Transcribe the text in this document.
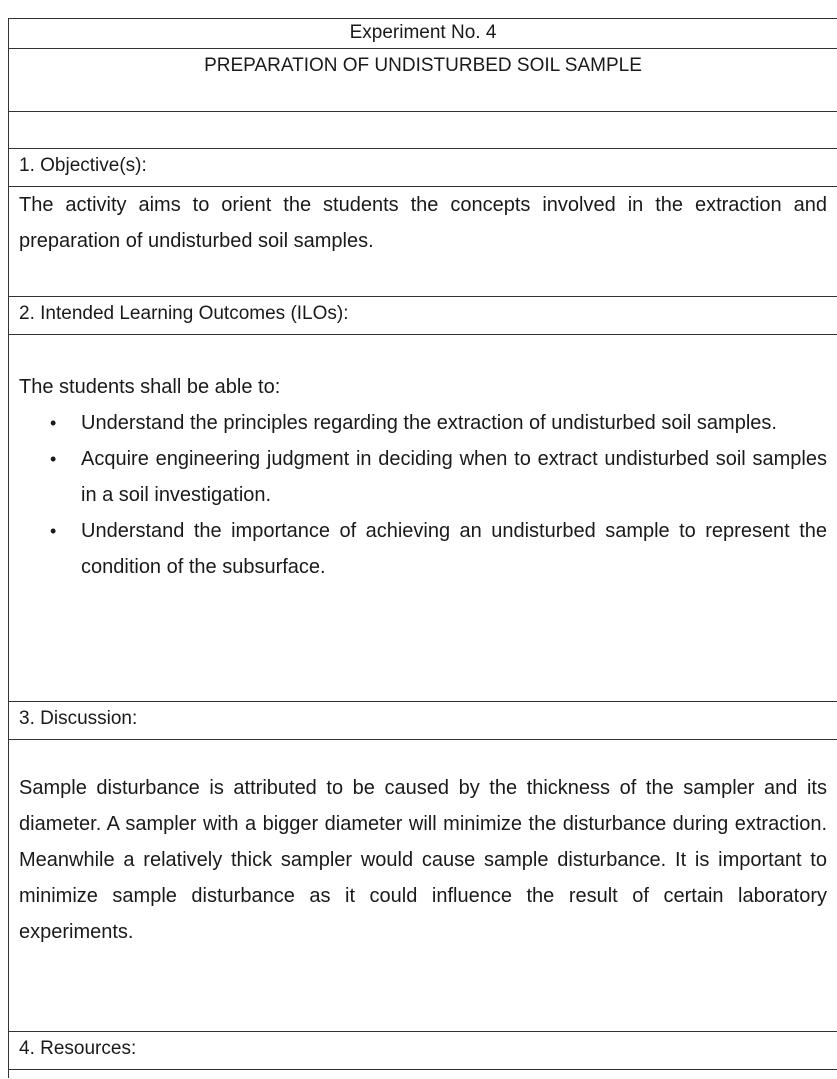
Experiment No. 4
PREPARATION OF UNDISTURBED SOIL SAMPLE
1. Objective(s):

The activity aims to orient the students the concepts involved in the extraction and preparation of undisturbed soil samples.

2. Intended Learning Outcomes (ILOs):

The students shall be able to:

• Understand the principles regarding the extraction of undisturbed soil samples.
• Acquire engineering judgment in deciding when to extract undisturbed soil samples in a soil investigation.
• Understand the importance of achieving an undisturbed sample to represent the condition of the subsurface.
3. Discussion:

Sample disturbance is attributed to be caused by the thickness of the sampler and its diameter. A sampler with a bigger diameter will minimize the disturbance during extraction. Meanwhile a relatively thick sampler would cause sample disturbance. It is important to minimize sample disturbance as it could influence the result of certain laboratory experiments.

4. Resources:
